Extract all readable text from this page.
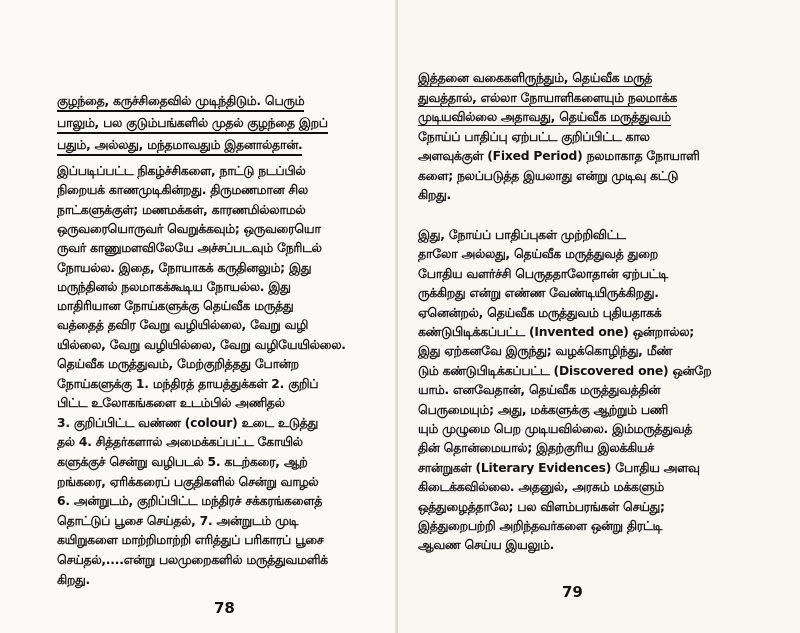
குழந்தை, கருச்சிதைவில் முடிந்திடும். பெரும்
பாலும், பல குடும்பங்களில் முதல் குழந்தை இறப்
பதும், அல்லது, மந்தமாவதும் இதனால்தான்.
இப்படிப்பட்ட நிகழ்ச்சிகளை, நாட்டு நடப்பில்
நிறையக் காணமுடிகின்றது. திருமணமான சில
நாட்களுக்குள்; மணமக்கள், காரணமில்லாமல்
ஒருவரையொருவர் வெறுக்கவும்; ஒருவரையொ
ருவர் காணுமளவிலேயே அச்சப்படவும் நேரிடல்
நோயல்ல. இதை, நோயாகக் கருதினலும்; இது
மருந்தினல் நலமாகக்கூடிய நோயல்ல. இது
மாதிரியான நோய்களுக்கு தெய்வீக மருத்து
வத்தைத் தவிர வேறு வழியில்லை, வேறு வழி
யில்லை, வேறு வழியில்லை, வேறு வழியேயில்லை.
தெய்வீக மருத்துவம், மேற்குறித்தது போன்ற
நோய்களுக்கு 1. மந்திரத் தாயத்துக்கள் 2. குறிப்
பிட்ட உலோகங்களை உடம்பில் அணிதல்
3. குறிப்பிட்ட வண்ண (colour) உடை உடுத்து
தல் 4. சித்தர்களால் அமைக்கப்பட்ட கோயில்
களுக்குச் சென்று வழிபடல் 5. கடற்கரை, ஆற்
றங்கரை, ஏரிக்கரைப் பகுதிகளில் சென்று வாழல்
6. அன்றுடம், குறிப்பிட்ட மந்திரச் சக்கரங்களைத்
தொட்டுப் பூசை செய்தல், 7. அன்றுடம் முடி
கயிறுகளை மாற்றிமாற்றி எரித்துப் பரிகாரப் பூசை
செய்தல்,....என்று பலமுறைகளில் மருத்துவமளிக்
கிறது.
78
இத்தனை வகைகளிருந்தும், தெய்வீக மருத்
துவத்தால், எல்லா நோயாளிகளையும் நலமாக்க
முடியவில்லை அதாவது, தெய்வீக மருத்துவம்
நோய்ப் பாதிப்பு ஏற்பட்ட குறிப்பிட்ட கால
அளவுக்குள் (Fixed Period) நலமாகாத நோயாளி
களை; நலப்படுத்த இயலாது என்று முடிவு கட்டு
கிறது.
இது, நோய்ப் பாதிப்புகள் முற்றிவிட்ட
தாலோ அல்லது, தெய்வீக மருத்துவத் துறை
போதிய வளர்ச்சி பெருததாலோதான் ஏற்பட்டி
ருக்கிறது என்று எண்ண வேண்டியிருக்கிறது.
ஏனென்றல், தெய்வீக மருத்துவம் புதியதாகக்
கண்டுபிடிக்கப்பட்ட (Invented one) ஒன்றால்ல;
இது ஏற்கனவே இருந்து; வழக்கொழிந்து, மீண்
டும் கண்டுபிடிக்கப்பட்ட (Discovered one) ஒன்றே
யாம். எனவேதான், தெய்வீக மருத்துவத்தின்
பெருமையும்; அது, மக்களுக்கு ஆற்றும் பணி
யும் முழுமை பெற முடியவில்லை. இம்மருத்துவத்
தின் தொன்மையால்; இதற்குரிய இலக்கியச்
சான்றுகள் (Literary Evidences) போதிய அளவு
கிடைக்கவில்லை. அதனுல், அரசும் மக்களும்
ஒத்துழைத்தாலே; பல விளம்பரங்கள் செய்து;
இத்துறைபற்றி அறிந்தவர்களை ஒன்று திரட்டி
ஆவண செய்ய இயலும்.
79
